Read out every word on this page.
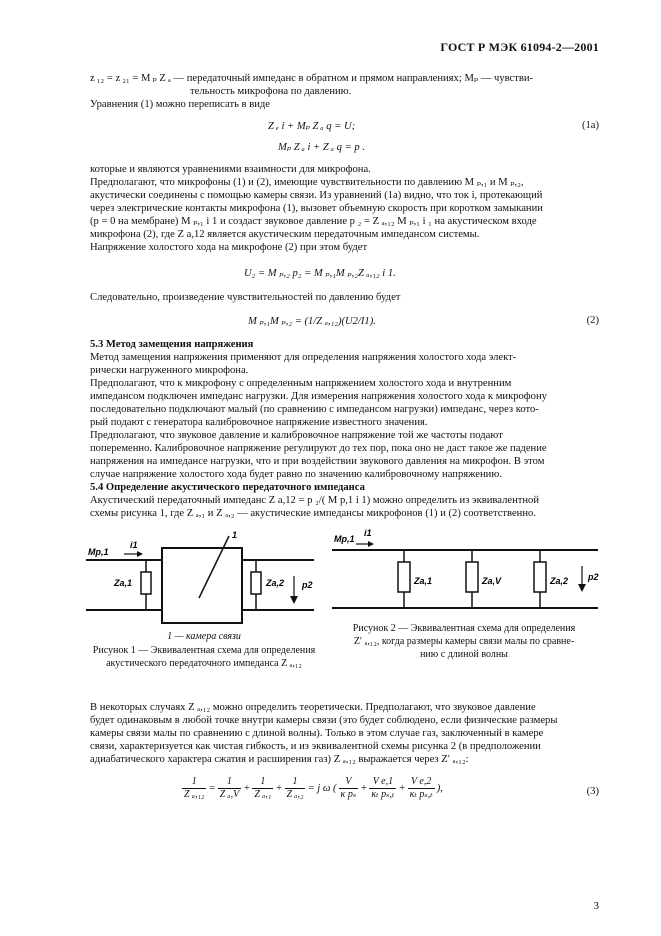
ГОСТ Р МЭК 61094-2—2001
z ₁₂ = z ₂₁ = M ₚ Z ₐ — передаточный импеданс в обратном и прямом направлениях; Mₚ — чувстви-
тельность микрофона по давлению.
Уравнения (1) можно переписать в виде
Z ₑ i + Mₚ Z ₐ q = U;	(1a)
Mₚ Z ₐ i + Z ₐ q = p .
которые и являются уравнениями взаимности для микрофона.
Предполагают, что микрофоны (1) и (2), имеющие чувствительности по давлению M ₚ,₁ и M ₚ,₂,
акустически соединены с помощью камеры связи. Из уравнений (1а) видно, что ток i, протекающий
через электрические контакты микрофона (1), вызовет объемную скорость при коротком замыкании
(p = 0 на мембране) M ₚ,₁ i 1 и создаст звуковое давление p ₂ = Z ₐ,₁₂ M ₚ,₁ i ₁ на акустическом входе
микрофона (2), где Z a,12 является акустическим передаточным импедансом системы.
Напряжение холостого хода на микрофоне (2) при этом будет
U₂ = M ₚ,₂ p₂ = M ₚ,₁M ₚ,₂Z ₐ,₁₂ i 1.
Следовательно, произведение чувствительностей по давлению будет
M ₚ,₁M ₚ,₂ = (1/Z ₐ,₁₂)(U2/I1).	(2)
5.3 Метод замещения напряжения
Метод замещения напряжения применяют для определения напряжения холостого хода элект-
рически нагруженного микрофона.
Предполагают, что к микрофону с определенным напряжением холостого хода и внутренним
импедансом подключен импеданс нагрузки. Для измерения напряжения холостого хода к микрофону
последовательно подключают малый (по сравнению с импедансом нагрузки) импеданс, через кото-
рый подают с генератора калибровочное напряжение известного значения.
Предполагают, что звуковое давление и калибровочное напряжение той же частоты подают
попеременно. Калибровочное напряжение регулируют до тех пор, пока оно не даст такое же падение
напряжения на импедансе нагрузки, что и при воздействии звукового давления на микрофон. В этом
случае напряжение холостого хода будет равно по значению калибровочному напряжению.
5.4 Определение акустического передаточного импеданса
Акустический передаточный импеданс Z a,12 = p ₂/( M p,1 i 1) можно определить из эквивалентной
схемы рисунка 1, где Z ₐ,₁ и Z ₐ,₂ — акустические импедансы микрофонов (1) и (2) соответственно.
Mp,1
i1
Za,1	Za,2 p2
1
1 — камера связи
Рисунок 1 — Эквивалентная схема для определения
акустического передаточного импеданса Z ₐ,₁₂
Mp,1
i1
Za,1	Za,V	Za,2 p2
Рисунок 2 — Эквивалентная схема для определения
Z′ ₐ,₁₂, когда размеры камеры связи малы по сравне-
нию с длиной волны
В некоторых случаях Z ₐ,₁₂ можно определить теоретически. Предполагают, что звуковое давление
будет одинаковым в любой точке внутри камеры связи (это будет соблюдено, если физические размеры
камеры связи малы по сравнению с длиной волны). Только в этом случае газ, заключенный в камере
связи, характеризуется как чистая гибкость, и из эквивалентной схемы рисунка 2 (в предположении
адиабатического характера сжатия и расширения газ) Z ₐ,₁₂ выражается через Z′ ₐ,₁₂:
$\frac{1}{\text{Z ₐ,₁₂}} = \frac{1}{\text{Z ₐ,V}} + \frac{1}{\text{Z ₐ,₁}} + \frac{1}{\text{Z ₐ,₂}} = j$ ω ( $\frac{V}{\text{κ pₛ}} + \frac{\text{V e,1}}{\text{κₜ pₛ,ₜ}} + \frac{\text{V e,2}}{\text{κₜ pₛ,ₜ}}$ ),	(3)
3
